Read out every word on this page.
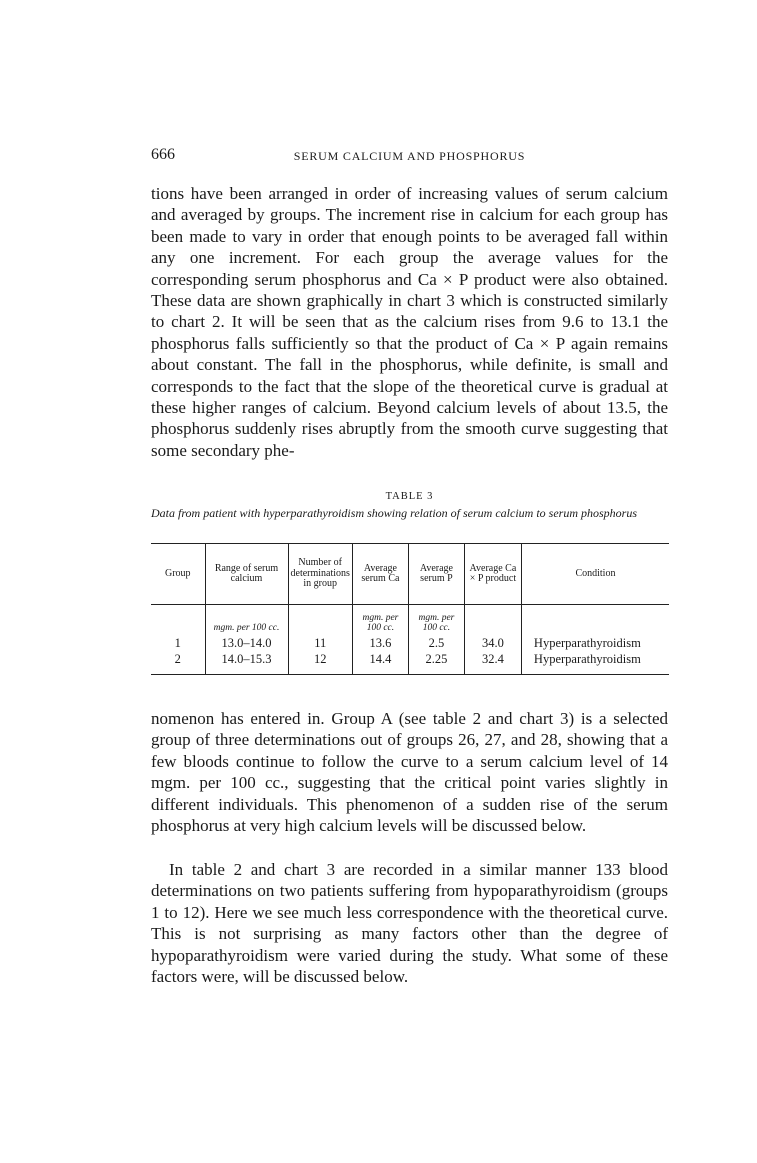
666	SERUM CALCIUM AND PHOSPHORUS

tions have been arranged in order of increasing values of serum calcium and averaged by groups. The increment rise in calcium for each group has been made to vary in order that enough points to be averaged fall within any one increment. For each group the average values for the corresponding serum phosphorus and Ca × P product were also obtained. These data are shown graphically in chart 3 which is constructed similarly to chart 2. It will be seen that as the calcium rises from 9.6 to 13.1 the phosphorus falls sufficiently so that the product of Ca × P again remains about constant. The fall in the phosphorus, while definite, is small and corresponds to the fact that the slope of the theoretical curve is gradual at these higher ranges of calcium. Beyond calcium levels of about 13.5, the phosphorus suddenly rises abruptly from the smooth curve suggesting that some secondary phe-

TABLE 3

Data from patient with hyperparathyroidism showing relation of serum calcium to serum phosphorus

Group	Range of serum calcium	Number of determinations in group	Average serum Ca	Average serum P	Average Ca × P product	Condition
	mgm. per 100 cc.		mgm. per 100 cc.	mgm. per 100 cc.		
1	13.0–14.0	11	13.6	2.5	34.0	Hyperparathyroidism
2	14.0–15.3	12	14.4	2.25	32.4	Hyperparathyroidism

nomenon has entered in. Group A (see table 2 and chart 3) is a selected group of three determinations out of groups 26, 27, and 28, showing that a few bloods continue to follow the curve to a serum calcium level of 14 mgm. per 100 cc., suggesting that the critical point varies slightly in different individuals. This phenomenon of a sudden rise of the serum phosphorus at very high calcium levels will be discussed below.

In table 2 and chart 3 are recorded in a similar manner 133 blood determinations on two patients suffering from hypoparathyroidism (groups 1 to 12). Here we see much less correspondence with the theoretical curve. This is not surprising as many factors other than the degree of hypoparathyroidism were varied during the study. What some of these factors were, will be discussed below.
